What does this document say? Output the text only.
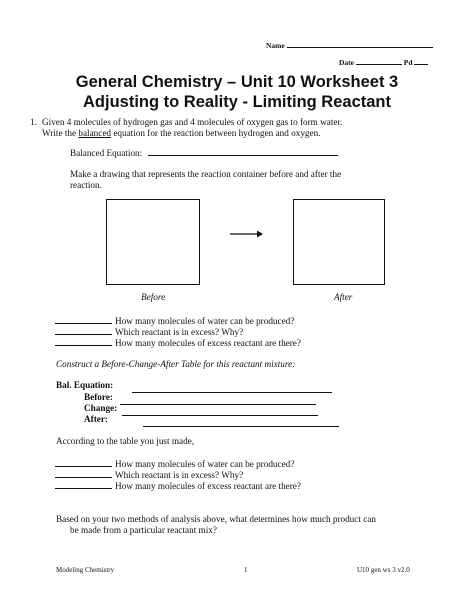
Name
Date	Pd
General Chemistry – Unit 10 Worksheet 3
Adjusting to Reality - Limiting Reactant
1. Given 4 molecules of hydrogen gas and 4 molecules of oxygen gas to form water.
Write the balanced equation for the reaction between hydrogen and oxygen.
Balanced Equation:
Make a drawing that represents the reaction container before and after the
reaction.
Before	After
How many molecules of water can be produced?
Which reactant is in excess? Why?
How many molecules of excess reactant are there?
Construct a Before-Change-After Table for this reactant mixture:
Bal. Equation:
Before:
Change:
After:
According to the table you just made,
How many molecules of water can be produced?
Which reactant is in excess? Why?
How many molecules of excess reactant are there?
Based on your two methods of analysis above, what determines how much product can
be made from a particular reactant mix?
Modeling Chemistry	1	U10 gen ws 3 v2.0
